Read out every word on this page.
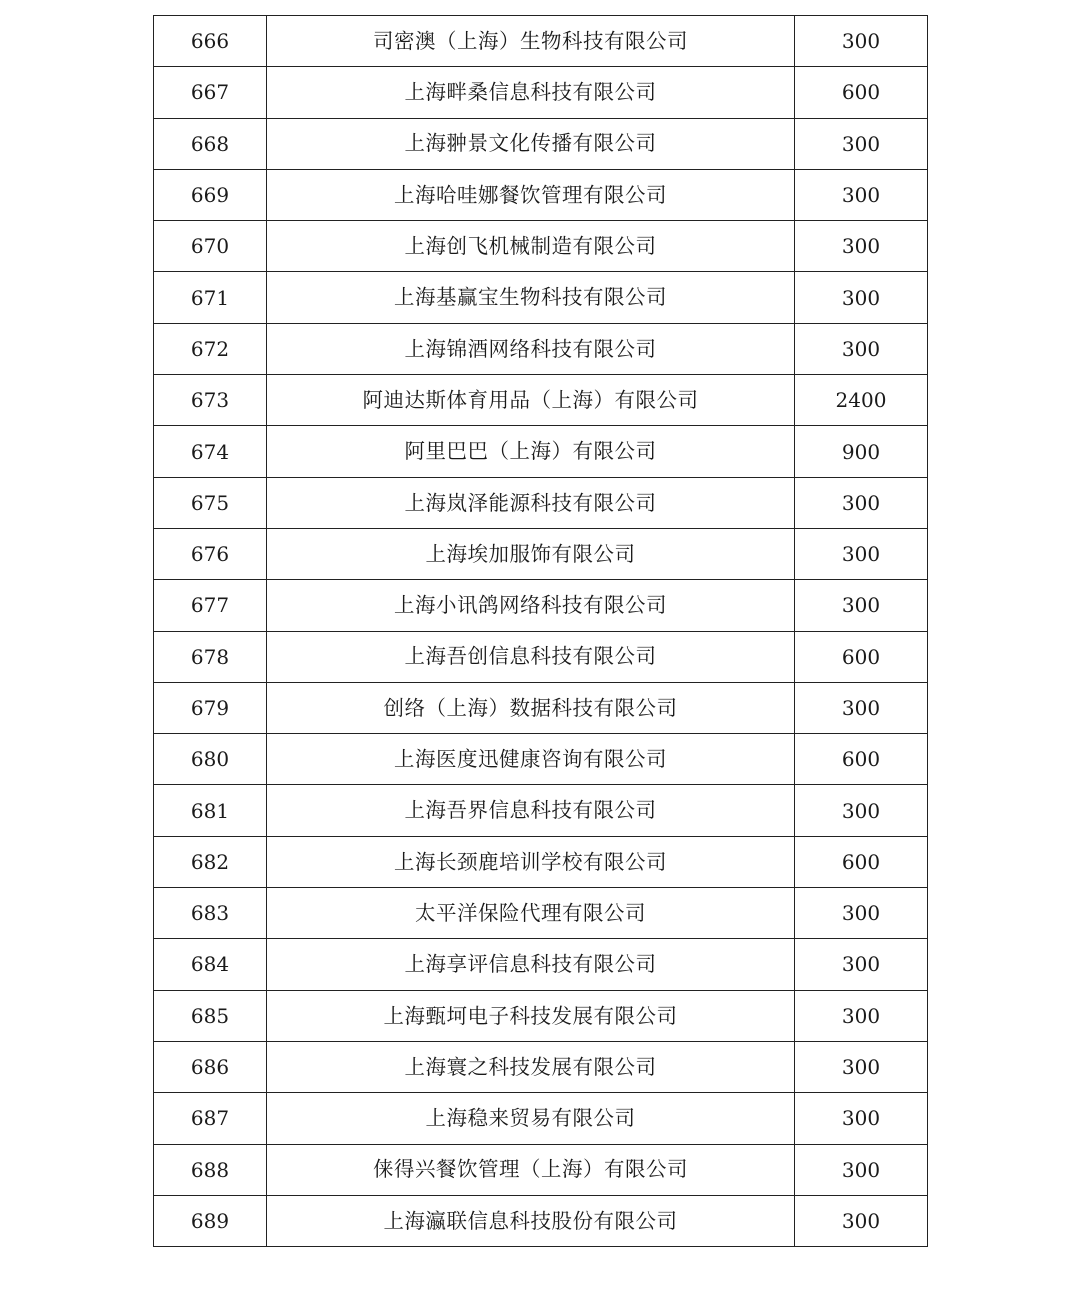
666	司密澳（上海）生物科技有限公司	300
667	上海畔桑信息科技有限公司	600
668	上海翀景文化传播有限公司	300
669	上海哈哇娜餐饮管理有限公司	300
670	上海创飞机械制造有限公司	300
671	上海基赢宝生物科技有限公司	300
672	上海锦酒网络科技有限公司	300
673	阿迪达斯体育用品（上海）有限公司	2400
674	阿里巴巴（上海）有限公司	900
675	上海岚泽能源科技有限公司	300
676	上海埃加服饰有限公司	300
677	上海小讯鸽网络科技有限公司	300
678	上海吾创信息科技有限公司	600
679	创络（上海）数据科技有限公司	300
680	上海医度迅健康咨询有限公司	600
681	上海吾界信息科技有限公司	300
682	上海长颈鹿培训学校有限公司	600
683	太平洋保险代理有限公司	300
684	上海享评信息科技有限公司	300
685	上海甄坷电子科技发展有限公司	300
686	上海寰之科技发展有限公司	300
687	上海稳来贸易有限公司	300
688	俫得兴餐饮管理（上海）有限公司	300
689	上海瀛联信息科技股份有限公司	300
